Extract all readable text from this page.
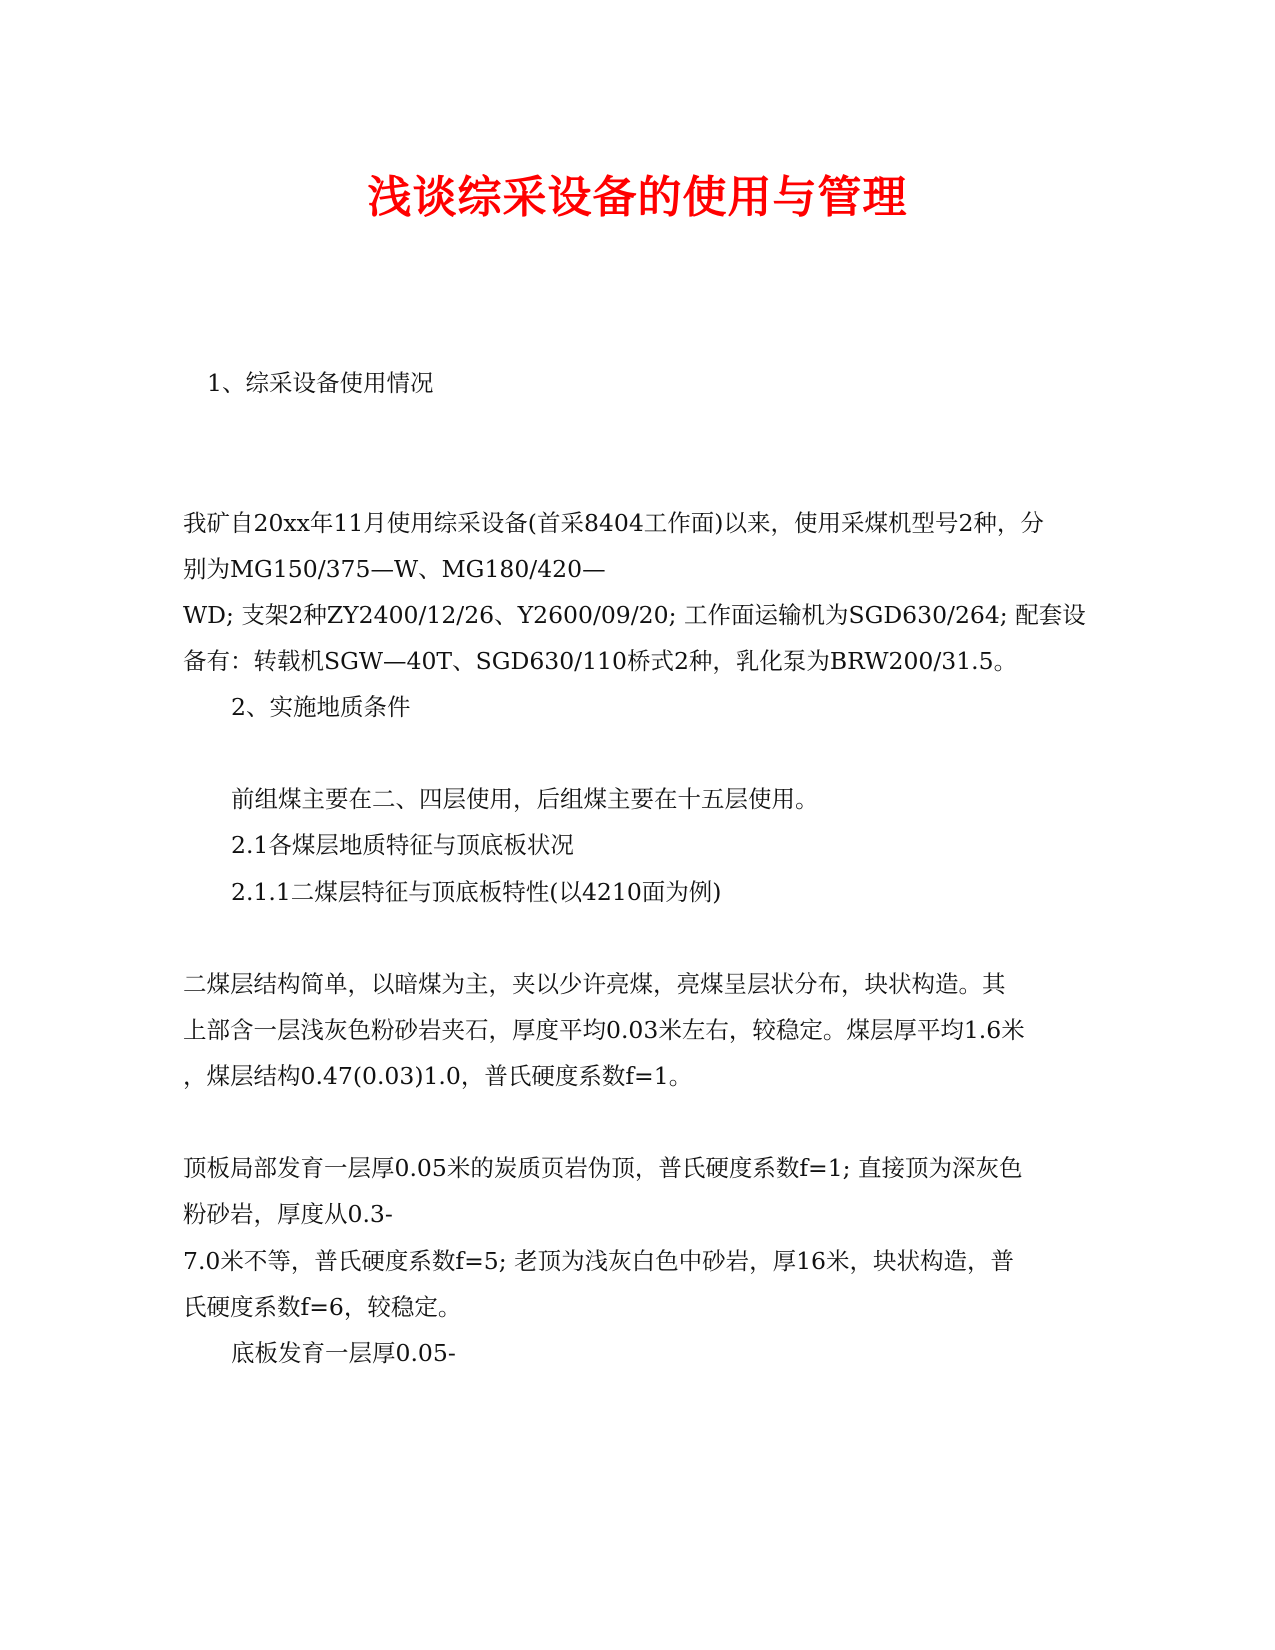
浅谈综采设备的使用与管理
1、综采设备使用情况
我矿自20xx年11月使用综采设备(首采8404工作面)以来，使用采煤机型号2种，分
别为MG150/375—W、MG180/420—
WD; 支架2种ZY2400/12/26、Y2600/09/20; 工作面运输机为SGD630/264; 配套设
备有：转载机SGW—40T、SGD630/110桥式2种，乳化泵为BRW200/31.5。
2、实施地质条件
前组煤主要在二、四层使用，后组煤主要在十五层使用。
2.1各煤层地质特征与顶底板状况
2.1.1二煤层特征与顶底板特性(以4210面为例)
二煤层结构简单，以暗煤为主，夹以少许亮煤，亮煤呈层状分布，块状构造。其
上部含一层浅灰色粉砂岩夹石，厚度平均0.03米左右，较稳定。煤层厚平均1.6米
，煤层结构0.47(0.03)1.0，普氏硬度系数f=1。
顶板局部发育一层厚0.05米的炭质页岩伪顶，普氏硬度系数f=1; 直接顶为深灰色
粉砂岩，厚度从0.3-
7.0米不等，普氏硬度系数f=5; 老顶为浅灰白色中砂岩，厚16米，块状构造，普
氏硬度系数f=6，较稳定。
底板发育一层厚0.05-
